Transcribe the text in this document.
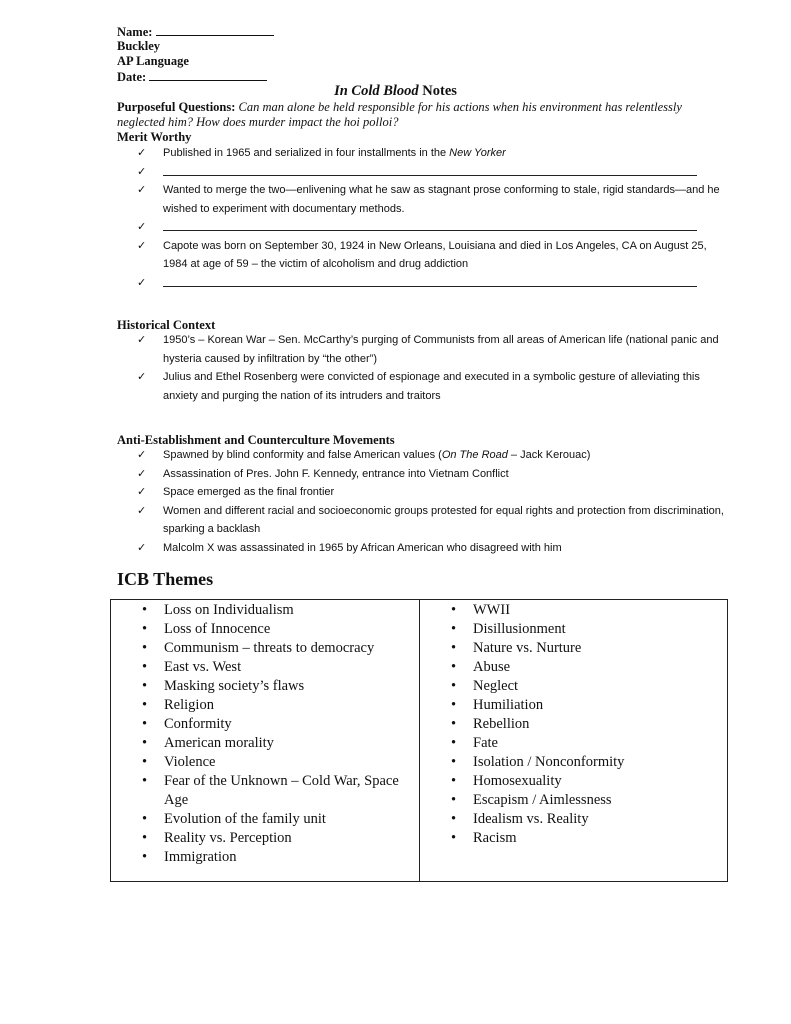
Name:
Buckley
AP Language
Date:
In Cold Blood Notes
Purposeful Questions: Can man alone be held responsible for his actions when his environment has relentlessly neglected him? How does murder impact the hoi polloi?
Merit Worthy
✓ Published in 1965 and serialized in four installments in the New Yorker
✓
✓ Wanted to merge the two—enlivening what he saw as stagnant prose conforming to stale, rigid standards—and he wished to experiment with documentary methods.
✓
✓ Capote was born on September 30, 1924 in New Orleans, Louisiana and died in Los Angeles, CA on August 25, 1984 at age of 59 – the victim of alcoholism and drug addiction
✓
Historical Context
✓ 1950’s – Korean War – Sen. McCarthy’s purging of Communists from all areas of American life (national panic and hysteria caused by infiltration by “the other”)
✓ Julius and Ethel Rosenberg were convicted of espionage and executed in a symbolic gesture of alleviating this anxiety and purging the nation of its intruders and traitors
Anti-Establishment and Counterculture Movements
✓ Spawned by blind conformity and false American values (On The Road – Jack Kerouac)
✓ Assassination of Pres. John F. Kennedy, entrance into Vietnam Conflict
✓ Space emerged as the final frontier
✓ Women and different racial and socioeconomic groups protested for equal rights and protection from discrimination, sparking a backlash
✓ Malcolm X was assassinated in 1965 by African American who disagreed with him
ICB Themes
• Loss on Individualism
• Loss of Innocence
• Communism – threats to democracy
• East vs. West
• Masking society’s flaws
• Religion
• Conformity
• American morality
• Violence
• Fear of the Unknown – Cold War, Space Age
• Evolution of the family unit
• Reality vs. Perception
• Immigration
• WWII
• Disillusionment
• Nature vs. Nurture
• Abuse
• Neglect
• Humiliation
• Rebellion
• Fate
• Isolation / Nonconformity
• Homosexuality
• Escapism / Aimlessness
• Idealism vs. Reality
• Racism
